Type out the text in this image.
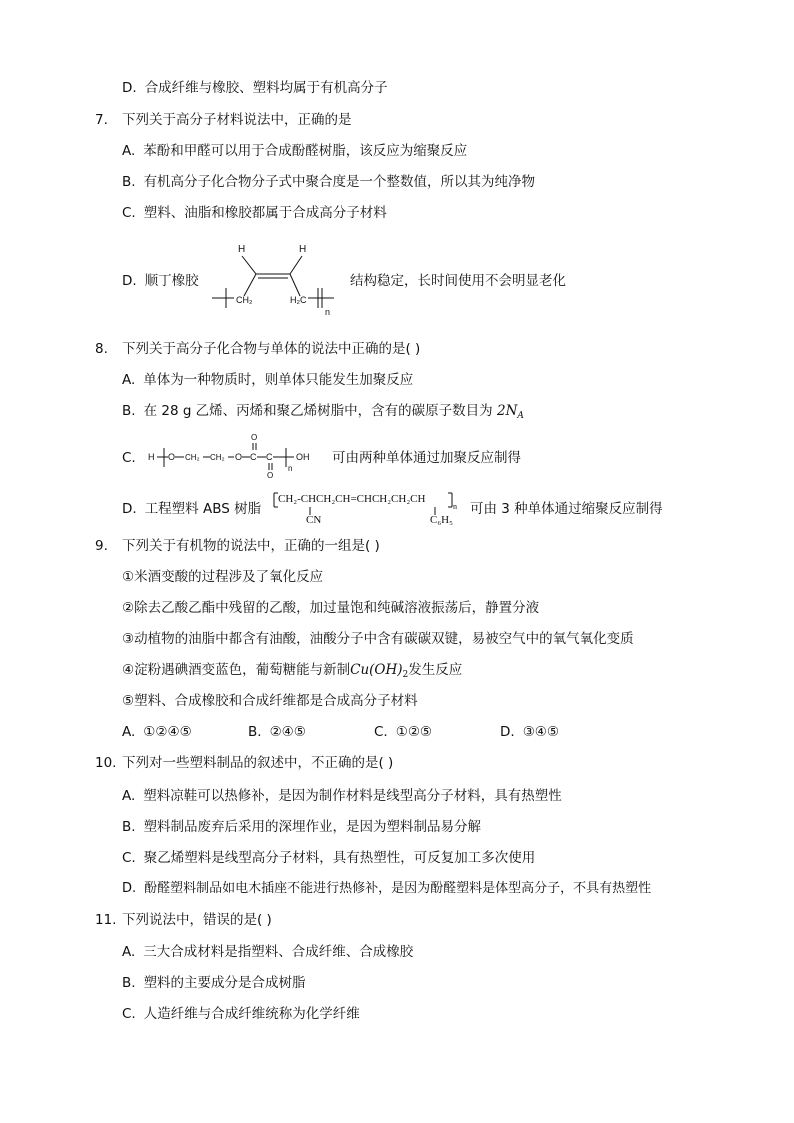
D. 合成纤维与橡胶、塑料均属于有机高分子
7. 下列关于高分子材料说法中，正确的是
A. 苯酚和甲醛可以用于合成酚醛树脂，该反应为缩聚反应
B. 有机高分子化合物分子式中聚合度是一个整数值，所以其为纯净物
C. 塑料、油脂和橡胶都属于合成高分子材料
D. 顺丁橡胶
H	H
CH₂	H₂C
n
结构稳定，长时间使用不会明显老化
8. 下列关于高分子化合物与单体的说法中正确的是( )
A. 单体为一种物质时，则单体只能发生加聚反应
B. 在 28 g 乙烯、丙烯和聚乙烯树脂中，含有的碳原子数目为 $2N_A$
C.	H O CH₂ CH₂ O C
O
C
O
n
OH 可由两种单体通过加聚反应制得
D. 工程塑料 ABS 树脂
CH₂-CHCH₂CH=CHCH₂CH₂CH
n
CN	C₆H₅
可由 3 种单体通过缩聚反应制得
9. 下列关于有机物的说法中，正确的一组是( )
①米酒变酸的过程涉及了氧化反应
②除去乙酸乙酯中残留的乙酸，加过量饱和纯碱溶液振荡后，静置分液
③动植物的油脂中都含有油酸，油酸分子中含有碳碳双键，易被空气中的氧气氧化变质
④淀粉遇碘酒变蓝色，葡萄糖能与新制$Cu(OH)_2$发生反应
⑤塑料、合成橡胶和合成纤维都是合成高分子材料
A. ①②④⑤	B. ②④⑤	C. ①②⑤	D. ③④⑤
10. 下列对一些塑料制品的叙述中，不正确的是( )
A. 塑料凉鞋可以热修补，是因为制作材料是线型高分子材料，具有热塑性
B. 塑料制品废弃后采用的深埋作业，是因为塑料制品易分解
C. 聚乙烯塑料是线型高分子材料，具有热塑性，可反复加工多次使用
D. 酚醛塑料制品如电木插座不能进行热修补，是因为酚醛塑料是体型高分子，不具有热塑性
11. 下列说法中，错误的是( )
A. 三大合成材料是指塑料、合成纤维、合成橡胶
B. 塑料的主要成分是合成树脂
C. 人造纤维与合成纤维统称为化学纤维
